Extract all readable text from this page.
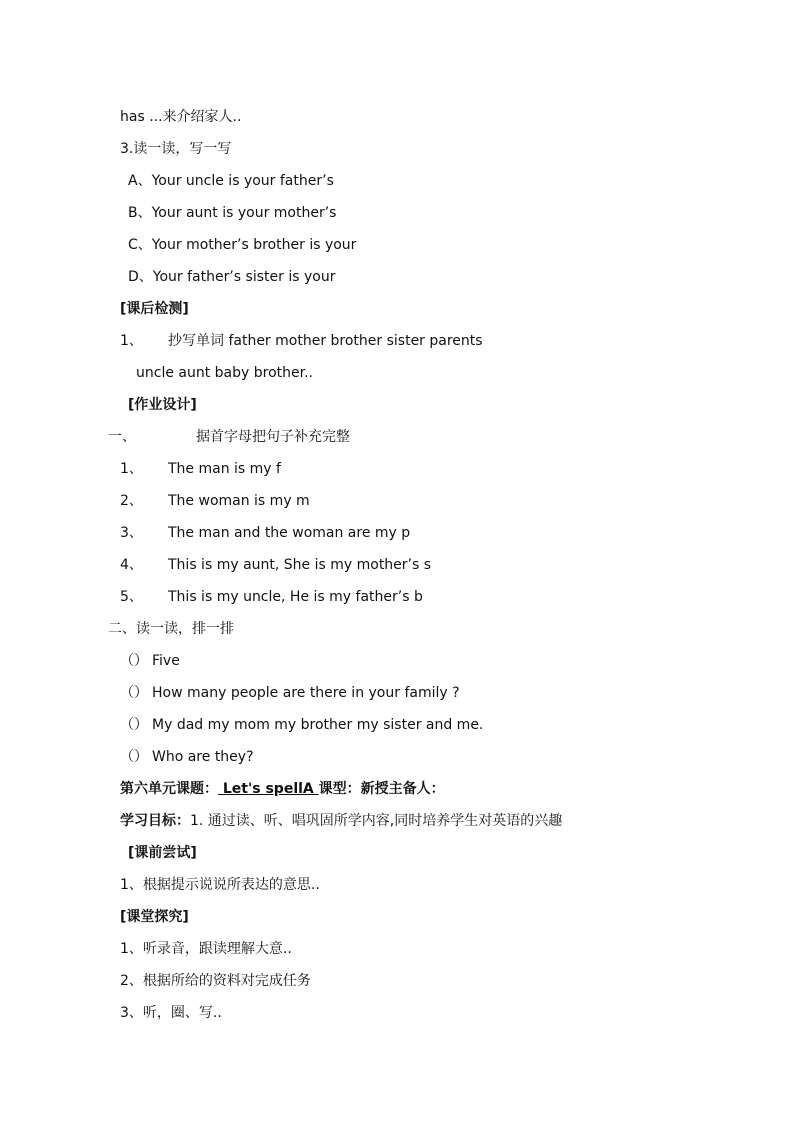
has ...来介绍家人..
3.读一读，写一写
A、Your uncle is your father’s
B、Your aunt is your mother’s
C、Your mother’s brother is your
D、Your father’s sister is your
[课后检测]
1、 抄写单词 father mother brother sister parents
uncle aunt baby brother..
[作业设计]
一、	据首字母把句子补充完整
1、 The man is my f
2、 The woman is my m
3、 The man and the woman are my p
4、 This is my aunt, She is my mother’s s
5、 This is my uncle, He is my father’s b
二、读一读，排一排
（） Five
（） How many people are there in your family ?
（） My dad my mom my brother my sister and me.
（） Who are they?
第六单元课题： Let's spellA 课型：新授主备人：
学习目标：1. 通过读、听、唱巩固所学内容,同时培养学生对英语的兴趣
[课前尝试]
1、根据提示说说所表达的意思..
[课堂探究]
1、听录音，跟读理解大意..
2、根据所给的资料对完成任务
3、听，圈、写..
